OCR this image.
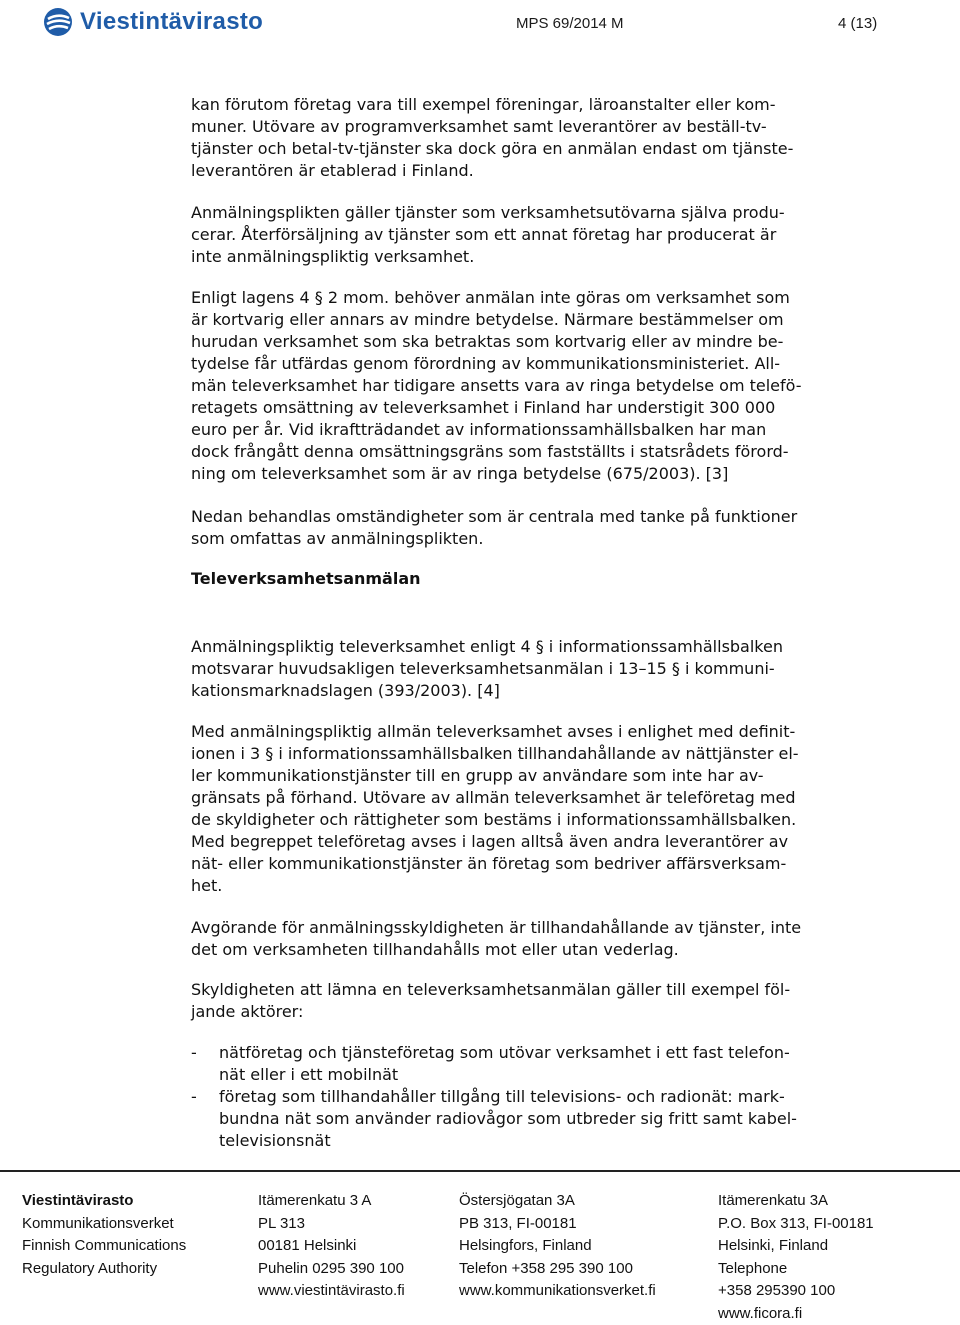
Viestintävirasto	MPS 69/2014 M	4 (13)
kan förutom företag vara till exempel föreningar, läroanstalter eller kom-
muner. Utövare av programverksamhet samt leverantörer av beställ-tv-
tjänster och betal-tv-tjänster ska dock göra en anmälan endast om tjänste-
leverantören är etablerad i Finland.
Anmälningsplikten gäller tjänster som verksamhetsutövarna själva produ-
cerar. Återförsäljning av tjänster som ett annat företag har producerat är
inte anmälningspliktig verksamhet.
Enligt lagens 4 § 2 mom. behöver anmälan inte göras om verksamhet som
är kortvarig eller annars av mindre betydelse. Närmare bestämmelser om
hurudan verksamhet som ska betraktas som kortvarig eller av mindre be-
tydelse får utfärdas genom förordning av kommunikationsministeriet. All-
män televerksamhet har tidigare ansetts vara av ringa betydelse om telefö-
retagets omsättning av televerksamhet i Finland har understigit 300 000
euro per år. Vid ikraftträdandet av informationssamhällsbalken har man
dock frångått denna omsättningsgräns som fastställts i statsrådets förord-
ning om televerksamhet som är av ringa betydelse (675/2003). [3]
Nedan behandlas omständigheter som är centrala med tanke på funktioner
som omfattas av anmälningsplikten.
Televerksamhetsanmälan
Anmälningspliktig televerksamhet enligt 4 § i informationssamhällsbalken
motsvarar huvudsakligen televerksamhetsanmälan i 13–15 § i kommuni-
kationsmarknadslagen (393/2003). [4]
Med anmälningspliktig allmän televerksamhet avses i enlighet med definit-
ionen i 3 § i informationssamhällsbalken tillhandahållande av nättjänster el-
ler kommunikationstjänster till en grupp av användare som inte har av-
gränsats på förhand. Utövare av allmän televerksamhet är teleföretag med
de skyldigheter och rättigheter som bestäms i informationssamhällsbalken.
Med begreppet teleföretag avses i lagen alltså även andra leverantörer av
nät- eller kommunikationstjänster än företag som bedriver affärsverksam-
het.
Avgörande för anmälningsskyldigheten är tillhandahållande av tjänster, inte
det om verksamheten tillhandahålls mot eller utan vederlag.
Skyldigheten att lämna en televerksamhetsanmälan gäller till exempel föl-
jande aktörer:
- nätföretag och tjänsteföretag som utövar verksamhet i ett fast telefon-
nät eller i ett mobilnät
- företag som tillhandahåller tillgång till televisions- och radionät: mark-
bundna nät som använder radiovågor som utbreder sig fritt samt kabel-
televisionsnät
Viestintävirasto
Kommunikationsverket
Finnish Communications
Regulatory Authority
Itämerenkatu 3 A
PL 313
00181 Helsinki
Puhelin 0295 390 100
www.viestintävirasto.fi
Östersjögatan 3A
PB 313, FI-00181
Helsingfors, Finland
Telefon +358 295 390 100
www.kommunikationsverket.fi
Itämerenkatu 3A
P.O. Box 313, FI-00181
Helsinki, Finland
Telephone
+358 295390 100
www.ficora.fi
